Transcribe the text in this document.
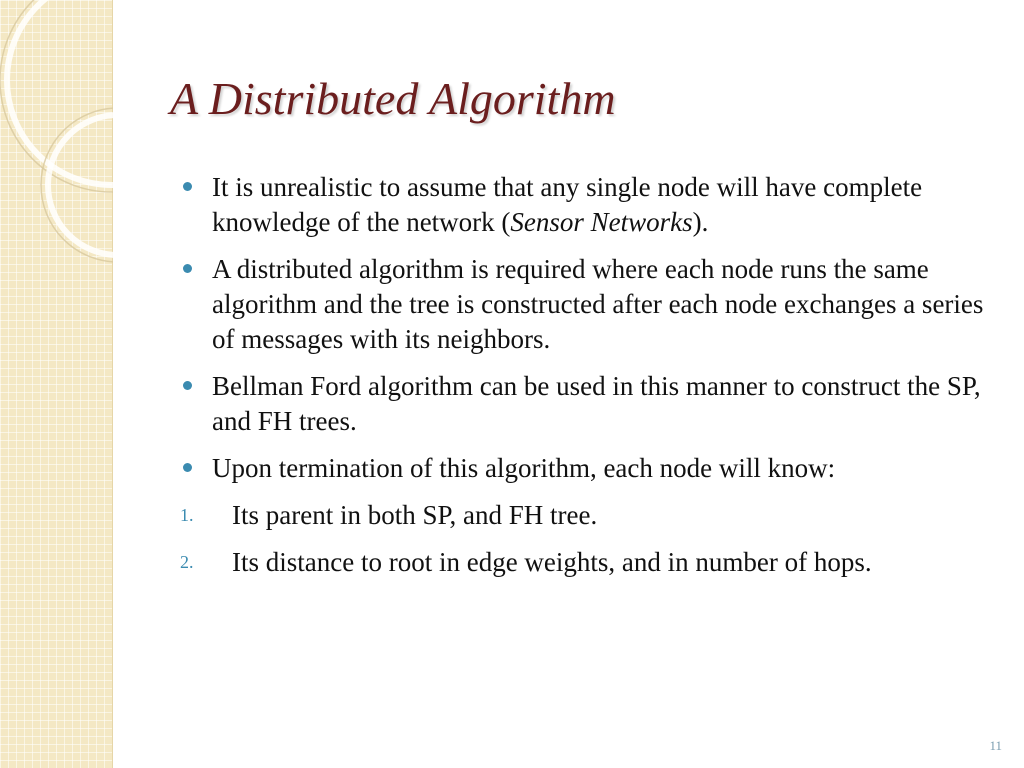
A Distributed Algorithm
It is unrealistic to assume that any single node will have complete knowledge of the network (Sensor Networks).
A distributed algorithm is required where each node runs the same algorithm and the tree is constructed after each node exchanges a series of messages with its neighbors.
Bellman Ford algorithm can be used in this manner to construct the SP, and FH trees.
Upon termination of this algorithm, each node will know:
1. Its parent in both SP, and FH tree.
2. Its distance to root in edge weights, and in number of hops.
11
